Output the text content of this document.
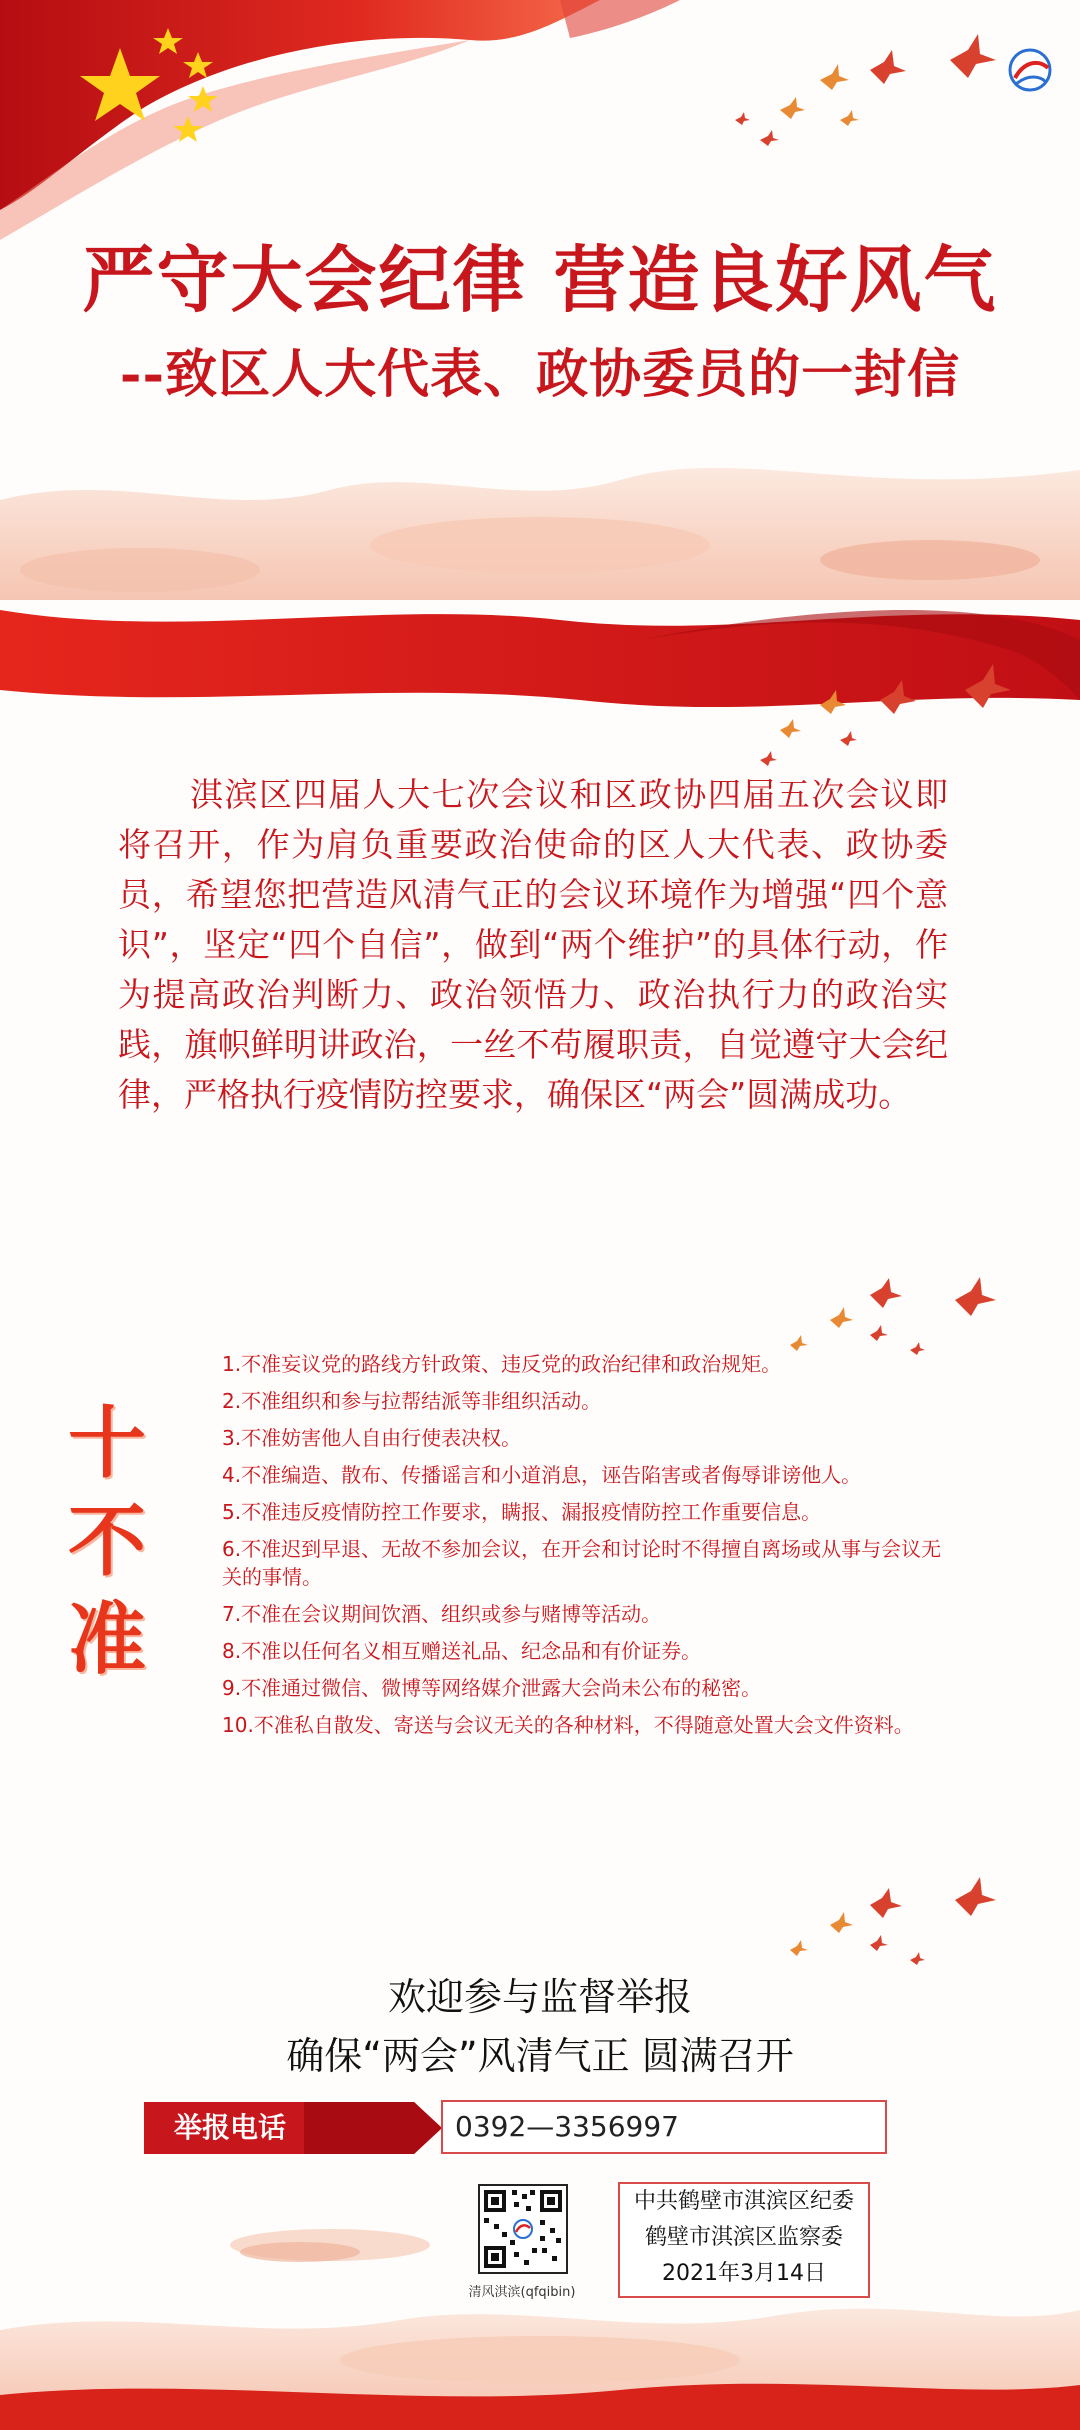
严守大会纪律 营造良好风气
--致区人大代表、政协委员的一封信
淇滨区四届人大七次会议和区政协四届五次会议即将召开，作为肩负重要政治使命的区人大代表、政协委员，希望您把营造风清气正的会议环境作为增强“四个意识”，坚定“四个自信”，做到“两个维护”的具体行动，作为提高政治判断力、政治领悟力、政治执行力的政治实践，旗帜鲜明讲政治，一丝不苟履职责，自觉遵守大会纪律，严格执行疫情防控要求，确保区“两会”圆满成功。
十
不
准
1.不准妄议党的路线方针政策、违反党的政治纪律和政治规矩。
2.不准组织和参与拉帮结派等非组织活动。
3.不准妨害他人自由行使表决权。
4.不准编造、散布、传播谣言和小道消息，诬告陷害或者侮辱诽谤他人。
5.不准违反疫情防控工作要求，瞒报、漏报疫情防控工作重要信息。
6.不准迟到早退、无故不参加会议，在开会和讨论时不得擅自离场或从事与会议无关的事情。
7.不准在会议期间饮酒、组织或参与赌博等活动。
8.不准以任何名义相互赠送礼品、纪念品和有价证券。
9.不准通过微信、微博等网络媒介泄露大会尚未公布的秘密。
10.不准私自散发、寄送与会议无关的各种材料，不得随意处置大会文件资料。
欢迎参与监督举报
确保“两会”风清气正 圆满召开
举报电话	0392—3356997
清风淇滨(qfqibin)
中共鹤壁市淇滨区纪委
鹤壁市淇滨区监察委
2021年3月14日
